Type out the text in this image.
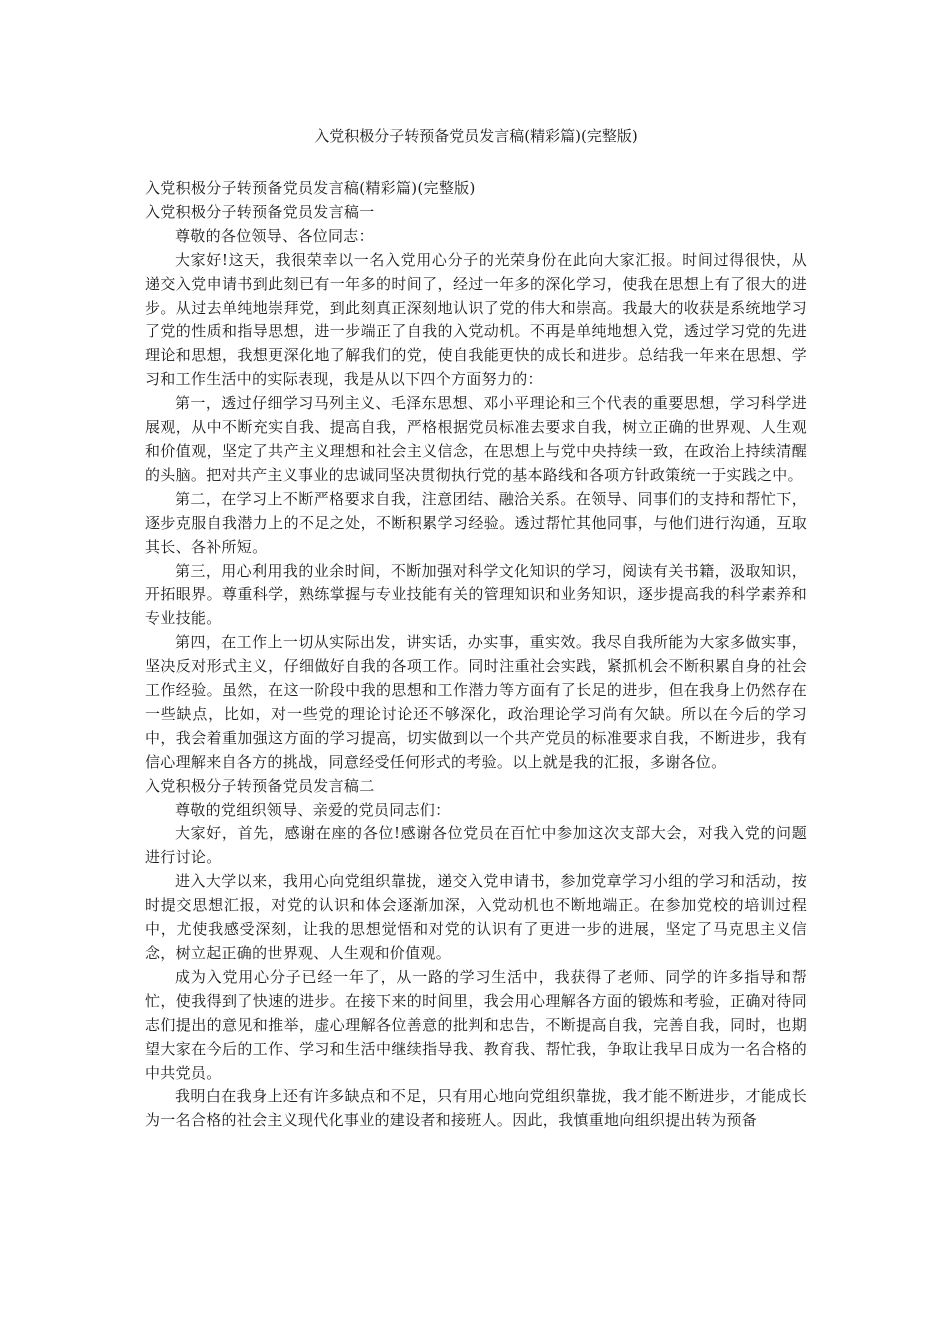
入党积极分子转预备党员发言稿(精彩篇)(完整版)

入党积极分子转预备党员发言稿(精彩篇)(完整版)

入党积极分子转预备党员发言稿一

尊敬的各位领导、各位同志：

大家好!这天，我很荣幸以一名入党用心分子的光荣身份在此向大家汇报。时间过得很快，从递交入党申请书到此刻已有一年多的时间了，经过一年多的深化学习，使我在思想上有了很大的进步。从过去单纯地崇拜党，到此刻真正深刻地认识了党的伟大和崇高。我最大的收获是系统地学习了党的性质和指导思想，进一步端正了自我的入党动机。不再是单纯地想入党，透过学习党的先进理论和思想，我想更深化地了解我们的党，使自我能更快的成长和进步。总结我一年来在思想、学习和工作生活中的实际表现，我是从以下四个方面努力的：

第一，透过仔细学习马列主义、毛泽东思想、邓小平理论和三个代表的重要思想，学习科学进展观，从中不断充实自我、提高自我，严格根据党员标准去要求自我，树立正确的世界观、人生观和价值观，坚定了共产主义理想和社会主义信念，在思想上与党中央持续一致，在政治上持续清醒的头脑。把对共产主义事业的忠诚同坚决贯彻执行党的基本路线和各项方针政策统一于实践之中。

第二，在学习上不断严格要求自我，注意团结、融洽关系。在领导、同事们的支持和帮忙下，逐步克服自我潜力上的不足之处，不断积累学习经验。透过帮忙其他同事，与他们进行沟通，互取其长、各补所短。

第三，用心利用我的业余时间，不断加强对科学文化知识的学习，阅读有关书籍，汲取知识，开拓眼界。尊重科学，熟练掌握与专业技能有关的管理知识和业务知识，逐步提高我的科学素养和专业技能。

第四，在工作上一切从实际出发，讲实话，办实事，重实效。我尽自我所能为大家多做实事，坚决反对形式主义，仔细做好自我的各项工作。同时注重社会实践，紧抓机会不断积累自身的社会工作经验。虽然，在这一阶段中我的思想和工作潜力等方面有了长足的进步，但在我身上仍然存在一些缺点，比如，对一些党的理论讨论还不够深化，政治理论学习尚有欠缺。所以在今后的学习中，我会着重加强这方面的学习提高，切实做到以一个共产党员的标准要求自我，不断进步，我有信心理解来自各方的挑战，同意经受任何形式的考验。以上就是我的汇报，多谢各位。

入党积极分子转预备党员发言稿二

尊敬的党组织领导、亲爱的党员同志们：

大家好，首先，感谢在座的各位!感谢各位党员在百忙中参加这次支部大会，对我入党的问题进行讨论。

进入大学以来，我用心向党组织靠拢，递交入党申请书，参加党章学习小组的学习和活动，按时提交思想汇报，对党的认识和体会逐渐加深，入党动机也不断地端正。在参加党校的培训过程中，尤使我感受深刻，让我的思想觉悟和对党的认识有了更进一步的进展，坚定了马克思主义信念，树立起正确的世界观、人生观和价值观。

成为入党用心分子已经一年了，从一路的学习生活中，我获得了老师、同学的许多指导和帮忙，使我得到了快速的进步。在接下来的时间里，我会用心理解各方面的锻炼和考验，正确对待同志们提出的意见和推举，虚心理解各位善意的批判和忠告，不断提高自我，完善自我，同时，也期望大家在今后的工作、学习和生活中继续指导我、教育我、帮忙我，争取让我早日成为一名合格的中共党员。

我明白在我身上还有许多缺点和不足，只有用心地向党组织靠拢，我才能不断进步，才能成长为一名合格的社会主义现代化事业的建设者和接班人。因此，我慎重地向组织提出转为预备
